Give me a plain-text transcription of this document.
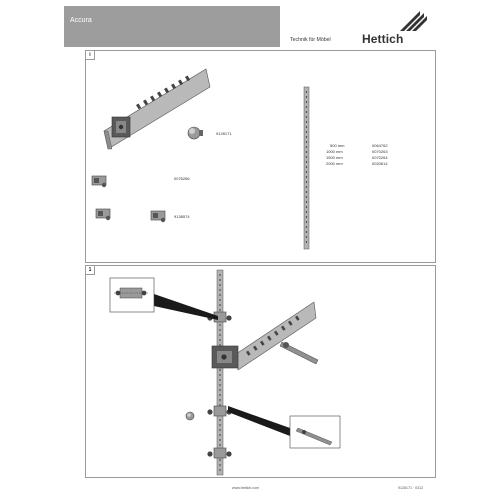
Accura
Technik für Möbel	Hettich
i
9128171
0076266
9138574
500 mm	0064762
1000 mm	0070263
1500 mm	0070264
2000 mm	0020614
1
www.hettich.com	9128171 · 0312
